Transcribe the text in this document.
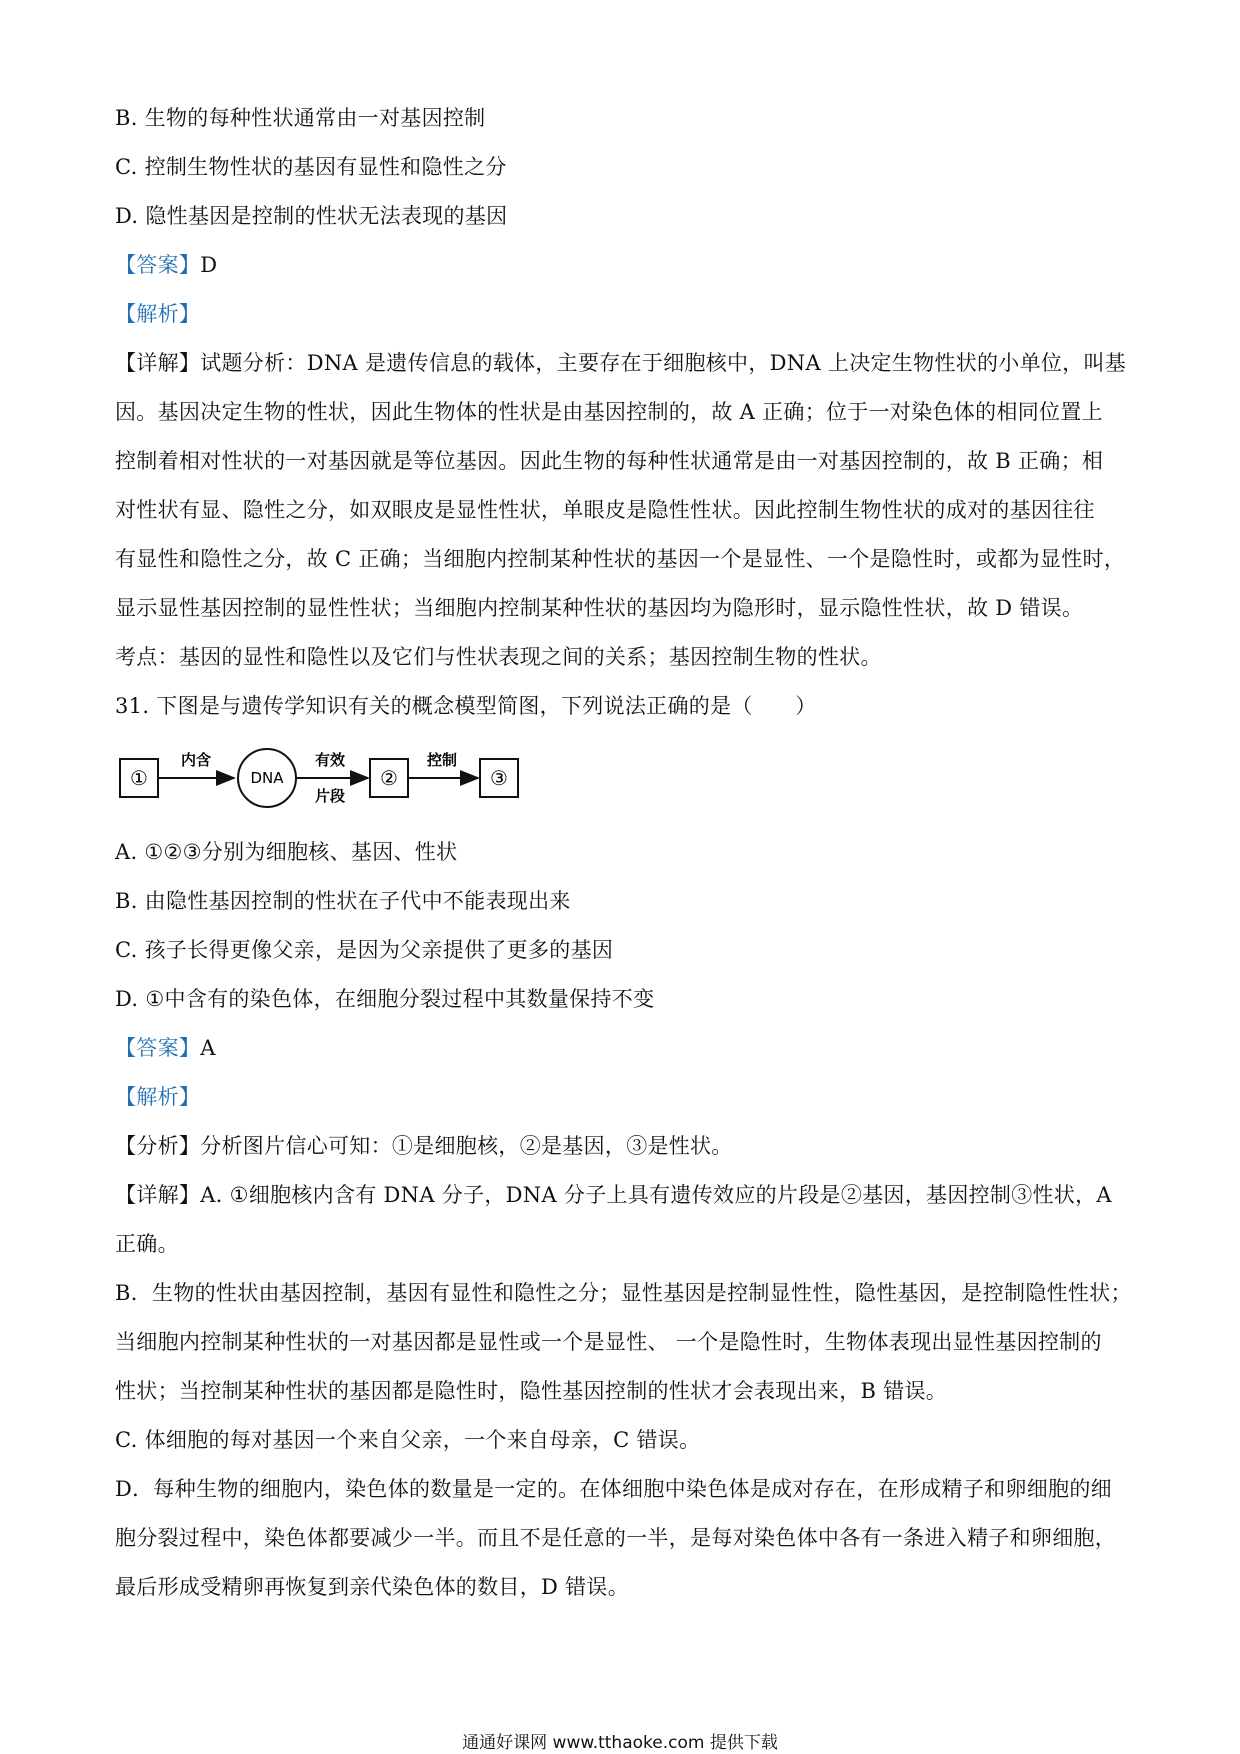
B. 生物的每种性状通常由一对基因控制
C. 控制生物性状的基因有显性和隐性之分
D. 隐性基因是控制的性状无法表现的基因
【答案】D
【解析】
【详解】试题分析：DNA 是遗传信息的载体，主要存在于细胞核中，DNA 上决定生物性状的小单位，叫基
因。基因决定生物的性状，因此生物体的性状是由基因控制的，故 A 正确；位于一对染色体的相同位置上
控制着相对性状的一对基因就是等位基因。因此生物的每种性状通常是由一对基因控制的，故 B 正确；相
对性状有显、隐性之分，如双眼皮是显性性状，单眼皮是隐性性状。因此控制生物性状的成对的基因往往
有显性和隐性之分，故 C 正确；当细胞内控制某种性状的基因一个是显性、一个是隐性时，或都为显性时，
显示显性基因控制的显性性状；当细胞内控制某种性状的基因均为隐形时，显示隐性性状，故 D 错误。
考点：基因的显性和隐性以及它们与性状表现之间的关系；基因控制生物的性状。
31. 下图是与遗传学知识有关的概念模型简图，下列说法正确的是（　　）
①
内含
DNA
有效
片段
②
控制
③
A. ①②③分别为细胞核、基因、性状
B. 由隐性基因控制的性状在子代中不能表现出来
C. 孩子长得更像父亲，是因为父亲提供了更多的基因
D. ①中含有的染色体，在细胞分裂过程中其数量保持不变
【答案】A
【解析】
【分析】分析图片信心可知：①是细胞核，②是基因，③是性状。
【详解】A. ①细胞核内含有 DNA 分子，DNA 分子上具有遗传效应的片段是②基因，基因控制③性状，A
正确。
B．生物的性状由基因控制，基因有显性和隐性之分；显性基因是控制显性性，隐性基因，是控制隐性性状；
当细胞内控制某种性状的一对基因都是显性或一个是显性、 一个是隐性时，生物体表现出显性基因控制的
性状；当控制某种性状的基因都是隐性时，隐性基因控制的性状才会表现出来，B 错误。
C. 体细胞的每对基因一个来自父亲，一个来自母亲，C 错误。
D．每种生物的细胞内，染色体的数量是一定的。在体细胞中染色体是成对存在，在形成精子和卵细胞的细
胞分裂过程中，染色体都要减少一半。而且不是任意的一半，是每对染色体中各有一条进入精子和卵细胞，
最后形成受精卵再恢复到亲代染色体的数目，D 错误。
通通好课网 www.tthaoke.com 提供下载
